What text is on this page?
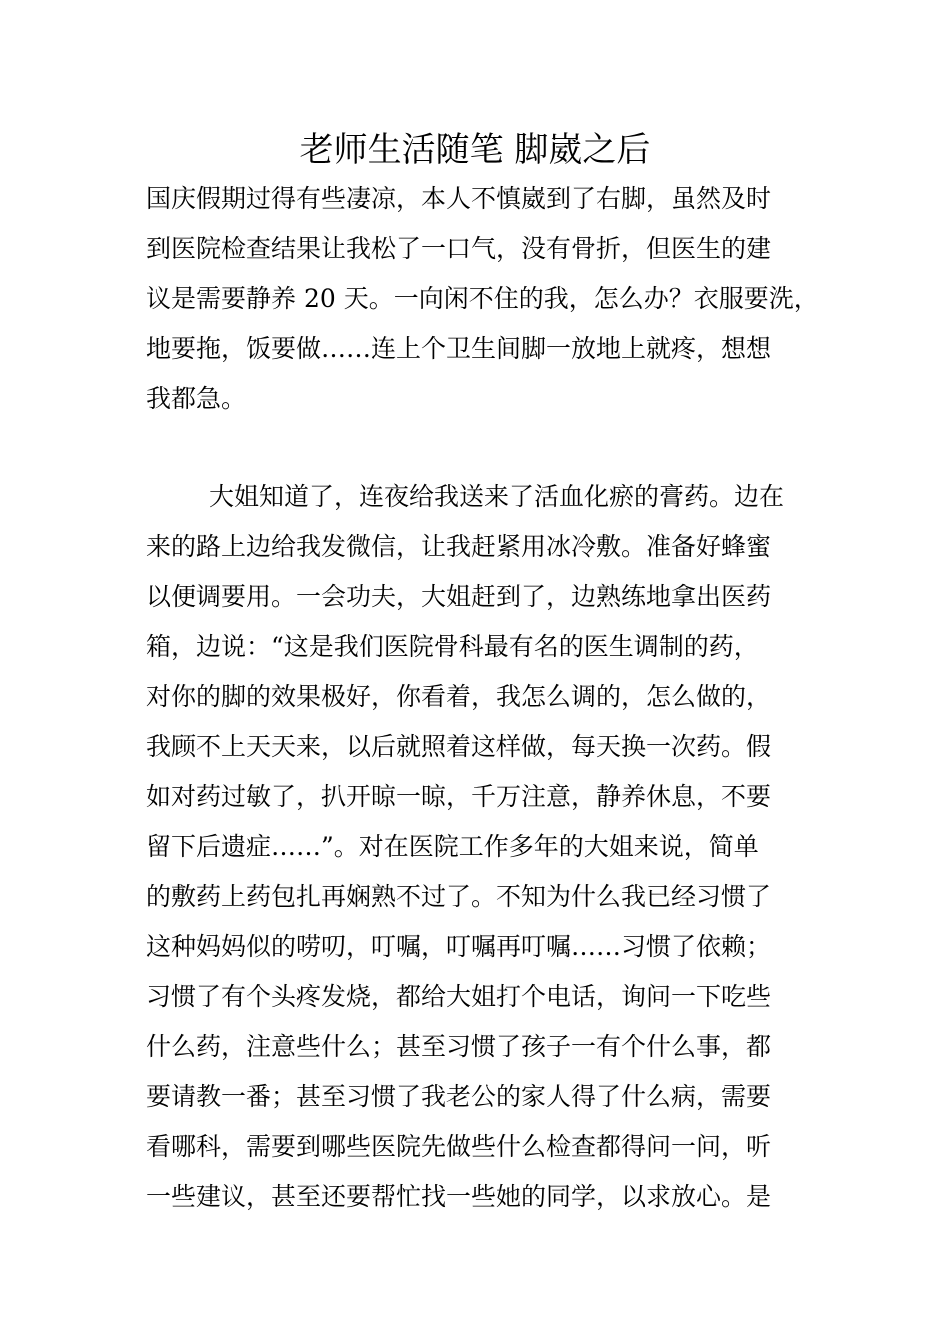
老师生活随笔 脚崴之后
国庆假期过得有些凄凉，本人不慎崴到了右脚，虽然及时
到医院检查结果让我松了一口气，没有骨折，但医生的建
议是需要静养 20 天。一向闲不住的我，怎么办？衣服要洗，
地要拖，饭要做……连上个卫生间脚一放地上就疼，想想
我都急。
大姐知道了，连夜给我送来了活血化瘀的膏药。边在
来的路上边给我发微信，让我赶紧用冰冷敷。准备好蜂蜜
以便调要用。一会功夫，大姐赶到了，边熟练地拿出医药
箱，边说：“这是我们医院骨科最有名的医生调制的药，
对你的脚的效果极好，你看着，我怎么调的，怎么做的，
我顾不上天天来，以后就照着这样做，每天换一次药。假
如对药过敏了，扒开晾一晾，千万注意，静养休息，不要
留下后遗症……”。对在医院工作多年的大姐来说，简单
的敷药上药包扎再娴熟不过了。不知为什么我已经习惯了
这种妈妈似的唠叨，叮嘱，叮嘱再叮嘱……习惯了依赖；
习惯了有个头疼发烧，都给大姐打个电话，询问一下吃些
什么药，注意些什么；甚至习惯了孩子一有个什么事，都
要请教一番；甚至习惯了我老公的家人得了什么病，需要
看哪科，需要到哪些医院先做些什么检查都得问一问，听
一些建议，甚至还要帮忙找一些她的同学，以求放心。是
